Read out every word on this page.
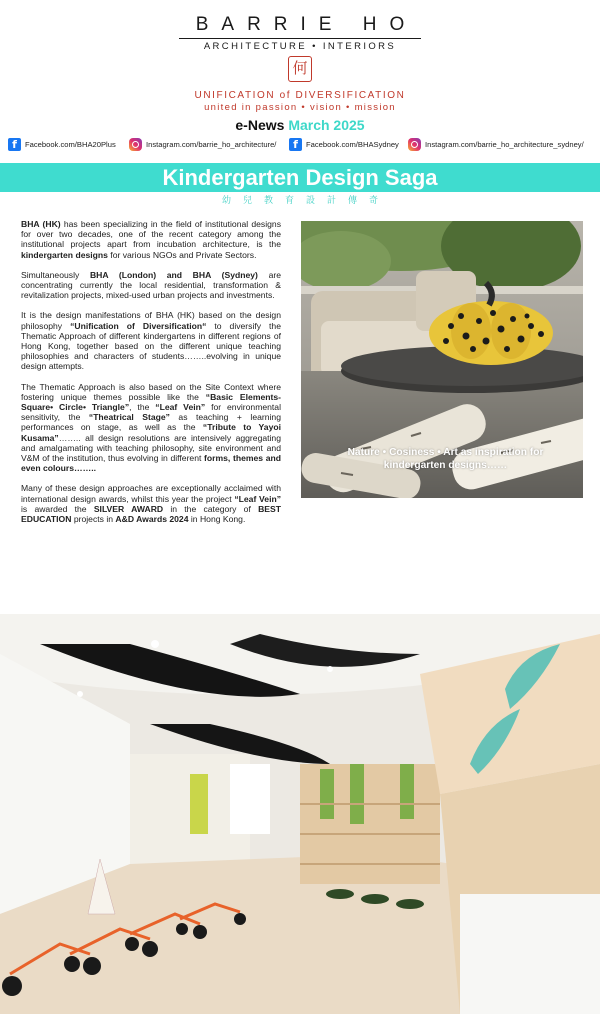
BARRIE HO
ARCHITECTURE • INTERIORS
何
UNIFICATION of DIVERSIFICATION
united in passion • vision • mission
e-News March 2025
f	Facebook.com/BHA20Plus	Instagram.com/barrie_ho_architecture/	f	Facebook.com/BHASydney	Instagram.com/barrie_ho_architecture_sydney/
Kindergarten Design Saga
幼兒教育設計傳奇

BHA (HK) has been specializing in the field of institutional designs for over two decades, one of the recent category among the institutional projects apart from incubation architecture, is the kindergarten designs for various NGOs and Private Sectors.

Simultaneously BHA (London) and BHA (Sydney) are concentrating currently the local residential, transformation & revitalization projects, mixed-used urban projects and investments.

It is the design manifestations of BHA (HK) based on the design philosophy “Unification of Diversification“ to diversify the Thematic Approach of different kindergartens in different regions of Hong Kong, together based on the different unique teaching philosophies and characters of students……..evolving in unique design attempts.

The Thematic Approach is also based on the Site Context where fostering unique themes possible like the “Basic Elements- Square• Circle• Triangle”, the “Leaf Vein” for environmental sensitivity, the “Theatrical Stage” as teaching + learning performances on stage, as well as the “Tribute to Yayoi Kusama”…….. all design resolutions are intensively aggregating and amalgamating with teaching philosophy, site environment and V&M of the institution, thus evolving in different forms, themes and even colours……..

Many of these design approaches are exceptionally acclaimed with international design awards, whilst this year the project “Leaf Vein” is awarded the SILVER AWARD in the category of BEST EDUCATION projects in A&D Awards 2024 in Hong Kong.

Nature • Cosiness • Art as inspiration for
kindergarten designs……
